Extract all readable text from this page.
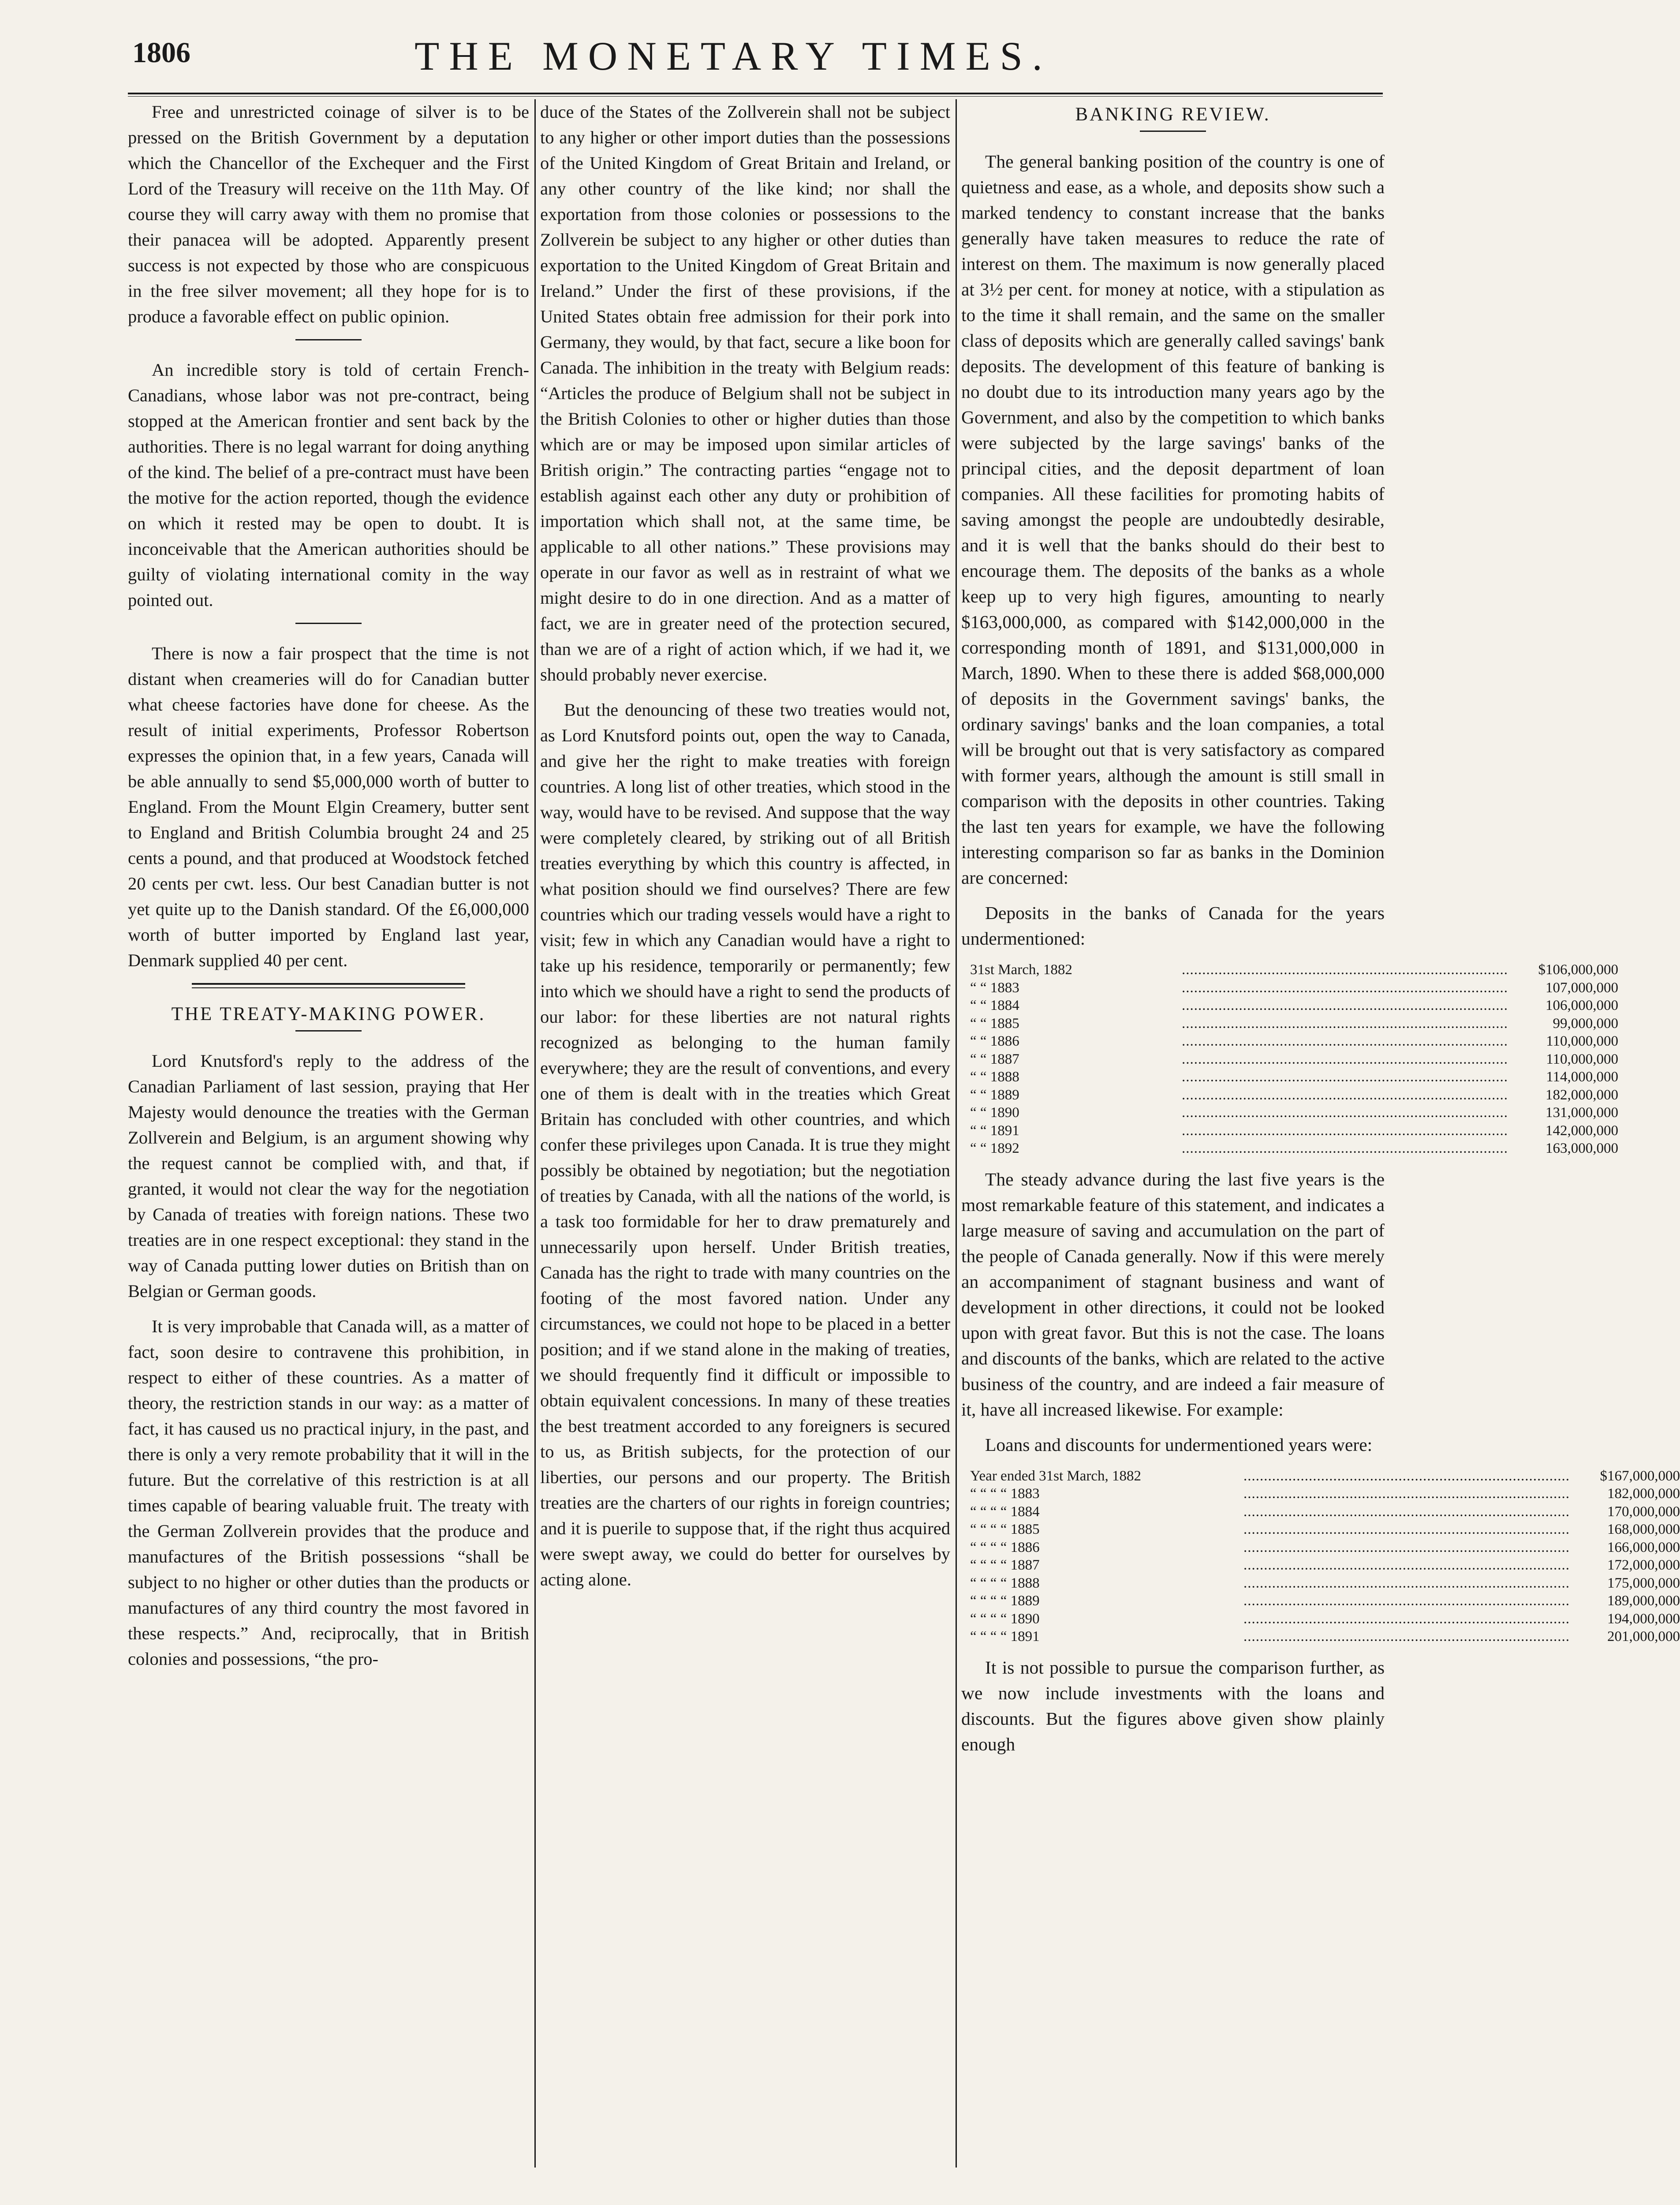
1806	THE MONETARY TIMES.

Free and unrestricted coinage of silver is to be pressed on the British Government by a deputation which the Chancellor of the Exchequer and the First Lord of the Treasury will receive on the 11th May. Of course they will carry away with them no promise that their panacea will be adopted. Apparently present success is not expected by those who are conspicuous in the free silver movement; all they hope for is to produce a favorable effect on public opinion.

An incredible story is told of certain French-Canadians, whose labor was not pre-contract, being stopped at the American frontier and sent back by the authorities. There is no legal warrant for doing anything of the kind. The belief of a pre-contract must have been the motive for the action reported, though the evidence on which it rested may be open to doubt. It is inconceivable that the American authorities should be guilty of violating international comity in the way pointed out.

There is now a fair prospect that the time is not distant when creameries will do for Canadian butter what cheese factories have done for cheese. As the result of initial experiments, Professor Robertson expresses the opinion that, in a few years, Canada will be able annually to send $5,000,000 worth of butter to England. From the Mount Elgin Creamery, butter sent to England and British Columbia brought 24 and 25 cents a pound, and that produced at Woodstock fetched 20 cents per cwt. less. Our best Canadian butter is not yet quite up to the Danish standard. Of the £6,000,000 worth of butter imported by England last year, Denmark supplied 40 per cent.

THE TREATY-MAKING POWER.

Lord Knutsford's reply to the address of the Canadian Parliament of last session, praying that Her Majesty would denounce the treaties with the German Zollverein and Belgium, is an argument showing why the request cannot be complied with, and that, if granted, it would not clear the way for the negotiation by Canada of treaties with foreign nations. These two treaties are in one respect exceptional: they stand in the way of Canada putting lower duties on British than on Belgian or German goods.

It is very improbable that Canada will, as a matter of fact, soon desire to contravene this prohibition, in respect to either of these countries. As a matter of theory, the restriction stands in our way: as a matter of fact, it has caused us no practical injury, in the past, and there is only a very remote probability that it will in the future. But the correlative of this restriction is at all times capable of bearing valuable fruit. The treaty with the German Zollverein provides that the produce and manufactures of the British possessions “shall be subject to no higher or other duties than the products or manufactures of any third country the most favored in these respects.” And, reciprocally, that in British colonies and possessions, “the pro-

duce of the States of the Zollverein shall not be subject to any higher or other import duties than the possessions of the United Kingdom of Great Britain and Ireland, or any other country of the like kind; nor shall the exportation from those colonies or possessions to the Zollverein be subject to any higher or other duties than exportation to the United Kingdom of Great Britain and Ireland.” Under the first of these provisions, if the United States obtain free admission for their pork into Germany, they would, by that fact, secure a like boon for Canada. The inhibition in the treaty with Belgium reads: “Articles the produce of Belgium shall not be subject in the British Colonies to other or higher duties than those which are or may be imposed upon similar articles of British origin.” The contracting parties “engage not to establish against each other any duty or prohibition of importation which shall not, at the same time, be applicable to all other nations.” These provisions may operate in our favor as well as in restraint of what we might desire to do in one direction. And as a matter of fact, we are in greater need of the protection secured, than we are of a right of action which, if we had it, we should probably never exercise.

But the denouncing of these two treaties would not, as Lord Knutsford points out, open the way to Canada, and give her the right to make treaties with foreign countries. A long list of other treaties, which stood in the way, would have to be revised. And suppose that the way were completely cleared, by striking out of all British treaties everything by which this country is affected, in what position should we find ourselves? There are few countries which our trading vessels would have a right to visit; few in which any Canadian would have a right to take up his residence, temporarily or permanently; few into which we should have a right to send the products of our labor: for these liberties are not natural rights recognized as belonging to the human family everywhere; they are the result of conventions, and every one of them is dealt with in the treaties which Great Britain has concluded with other countries, and which confer these privileges upon Canada. It is true they might possibly be obtained by negotiation; but the negotiation of treaties by Canada, with all the nations of the world, is a task too formidable for her to draw prematurely and unnecessarily upon herself. Under British treaties, Canada has the right to trade with many countries on the footing of the most favored nation. Under any circumstances, we could not hope to be placed in a better position; and if we stand alone in the making of treaties, we should frequently find it difficult or impossible to obtain equivalent concessions. In many of these treaties the best treatment accorded to any foreigners is secured to us, as British subjects, for the protection of our liberties, our persons and our property. The British treaties are the charters of our rights in foreign countries; and it is puerile to suppose that, if the right thus acquired were swept away, we could do better for ourselves by acting alone.

BANKING REVIEW.

The general banking position of the country is one of quietness and ease, as a whole, and deposits show such a marked tendency to constant increase that the banks generally have taken measures to reduce the rate of interest on them. The maximum is now generally placed at 3½ per cent. for money at notice, with a stipulation as to the time it shall remain, and the same on the smaller class of deposits which are generally called savings' bank deposits. The development of this feature of banking is no doubt due to its introduction many years ago by the Government, and also by the competition to which banks were subjected by the large savings' banks of the principal cities, and the deposit department of loan companies. All these facilities for promoting habits of saving amongst the people are undoubtedly desirable, and it is well that the banks should do their best to encourage them. The deposits of the banks as a whole keep up to very high figures, amounting to nearly $163,000,000, as compared with $142,000,000 in the corresponding month of 1891, and $131,000,000 in March, 1890. When to these there is added $68,000,000 of deposits in the Government savings' banks, the ordinary savings' banks and the loan companies, a total will be brought out that is very satisfactory as compared with former years, although the amount is still small in comparison with the deposits in other countries. Taking the last ten years for example, we have the following interesting comparison so far as banks in the Dominion are concerned:

Deposits in the banks of Canada for the years undermentioned:

31st March, 1882	................................................................................	$106,000,000
“ “ 1883	................................................................................	107,000,000
“ “ 1884	................................................................................	106,000,000
“ “ 1885	................................................................................	99,000,000
“ “ 1886	................................................................................	110,000,000
“ “ 1887	................................................................................	110,000,000
“ “ 1888	................................................................................	114,000,000
“ “ 1889	................................................................................	182,000,000
“ “ 1890	................................................................................	131,000,000
“ “ 1891	................................................................................	142,000,000
“ “ 1892	................................................................................	163,000,000

The steady advance during the last five years is the most remarkable feature of this statement, and indicates a large measure of saving and accumulation on the part of the people of Canada generally. Now if this were merely an accompaniment of stagnant business and want of development in other directions, it could not be looked upon with great favor. But this is not the case. The loans and discounts of the banks, which are related to the active business of the country, and are indeed a fair measure of it, have all increased likewise. For example:

Loans and discounts for undermentioned years were:

Year ended 31st March, 1882	................................................................................	$167,000,000
“ “ “ “ 1883	................................................................................	182,000,000
“ “ “ “ 1884	................................................................................	170,000,000
“ “ “ “ 1885	................................................................................	168,000,000
“ “ “ “ 1886	................................................................................	166,000,000
“ “ “ “ 1887	................................................................................	172,000,000
“ “ “ “ 1888	................................................................................	175,000,000
“ “ “ “ 1889	................................................................................	189,000,000
“ “ “ “ 1890	................................................................................	194,000,000
“ “ “ “ 1891	................................................................................	201,000,000

It is not possible to pursue the comparison further, as we now include investments with the loans and discounts. But the figures above given show plainly enough
